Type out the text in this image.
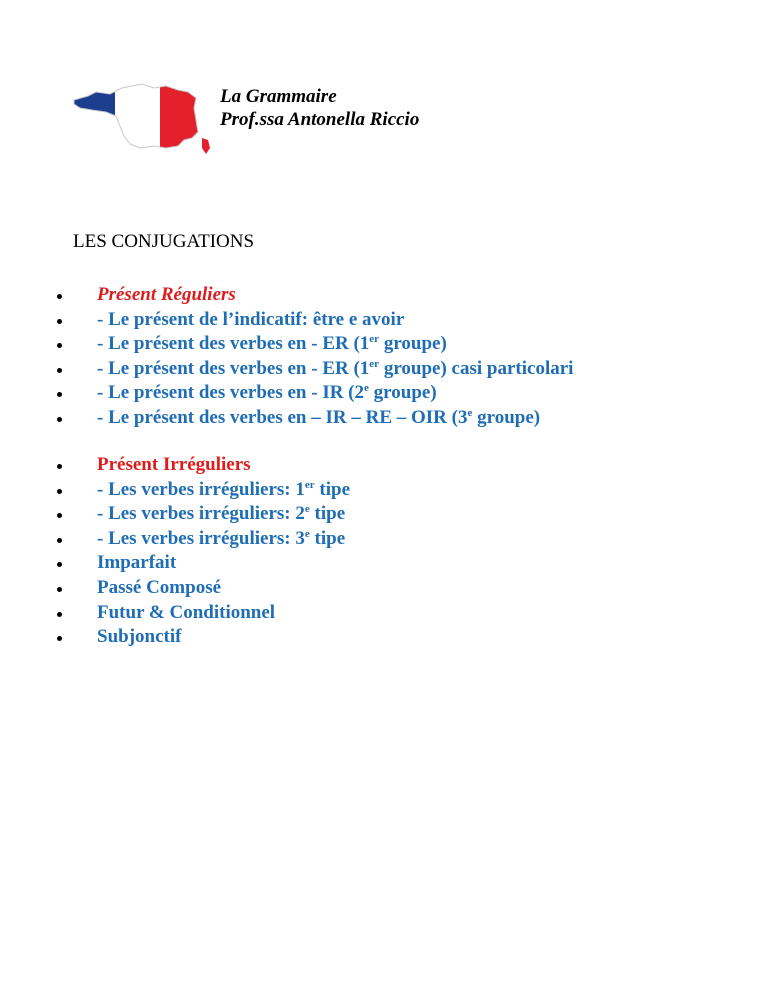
La Grammaire
Prof.ssa Antonella Riccio
LES CONJUGATIONS
Présent Réguliers
- Le présent de l’indicatif: être e avoir
- Le présent des verbes en - ER (1er groupe)
- Le présent des verbes en - ER (1er groupe) casi particolari
- Le présent des verbes en - IR (2e groupe)
- Le présent des verbes en – IR – RE – OIR (3e groupe)
Présent Irréguliers
- Les verbes irréguliers: 1er tipe
- Les verbes irréguliers: 2e tipe
- Les verbes irréguliers: 3e tipe
Imparfait
Passé Composé
Futur & Conditionnel
Subjonctif
